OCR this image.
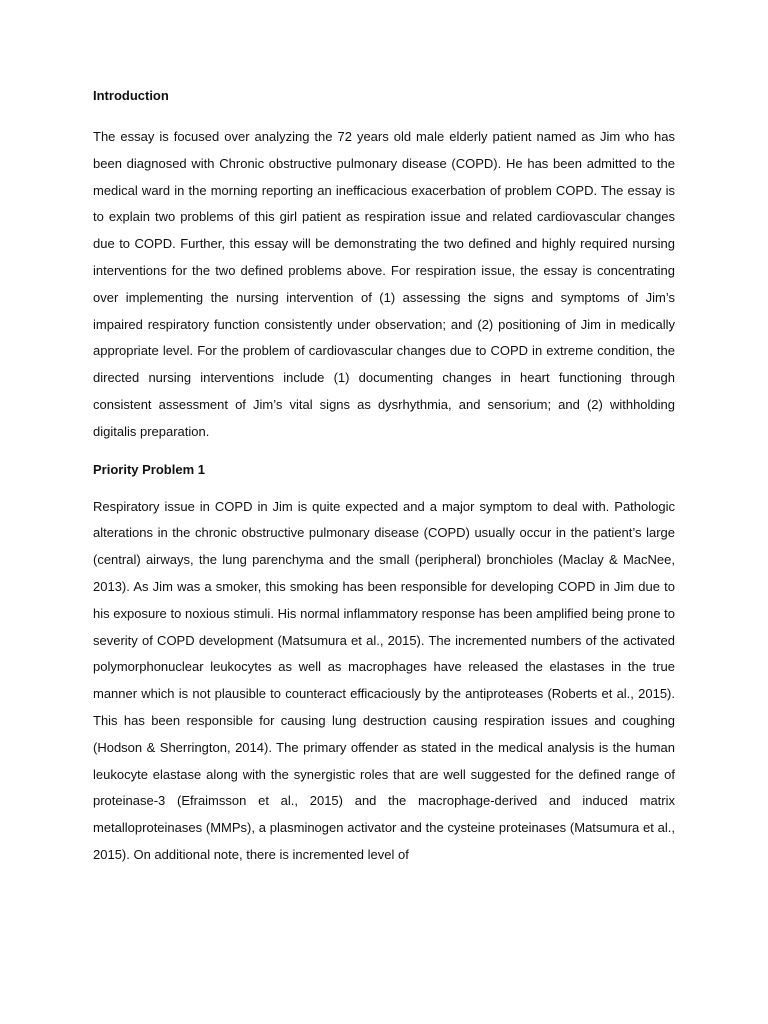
Introduction

The essay is focused over analyzing the 72 years old male elderly patient named as Jim who has been diagnosed with Chronic obstructive pulmonary disease (COPD). He has been admitted to the medical ward in the morning reporting an inefficacious exacerbation of problem COPD. The essay is to explain two problems of this girl patient as respiration issue and related cardiovascular changes due to COPD. Further, this essay will be demonstrating the two defined and highly required nursing interventions for the two defined problems above. For respiration issue, the essay is concentrating over implementing the nursing intervention of (1) assessing the signs and symptoms of Jim’s impaired respiratory function consistently under observation; and (2) positioning of Jim in medically appropriate level. For the problem of cardiovascular changes due to COPD in extreme condition, the directed nursing interventions include (1) documenting changes in heart functioning through consistent assessment of Jim’s vital signs as dysrhythmia, and sensorium; and (2) withholding digitalis preparation.

Priority Problem 1

Respiratory issue in COPD in Jim is quite expected and a major symptom to deal with. Pathologic alterations in the chronic obstructive pulmonary disease (COPD) usually occur in the patient’s large (central) airways, the lung parenchyma and the small (peripheral) bronchioles (Maclay & MacNee, 2013). As Jim was a smoker, this smoking has been responsible for developing COPD in Jim due to his exposure to noxious stimuli. His normal inflammatory response has been amplified being prone to severity of COPD development (Matsumura et al., 2015). The incremented numbers of the activated polymorphonuclear leukocytes as well as macrophages have released the elastases in the true manner which is not plausible to counteract efficaciously by the antiproteases (Roberts et al., 2015). This has been responsible for causing lung destruction causing respiration issues and coughing (Hodson & Sherrington, 2014). The primary offender as stated in the medical analysis is the human leukocyte elastase along with the synergistic roles that are well suggested for the defined range of proteinase-3 (Efraimsson et al., 2015) and the macrophage-derived and induced matrix metalloproteinases (MMPs), a plasminogen activator and the cysteine proteinases (Matsumura et al., 2015). On additional note, there is incremented level of
